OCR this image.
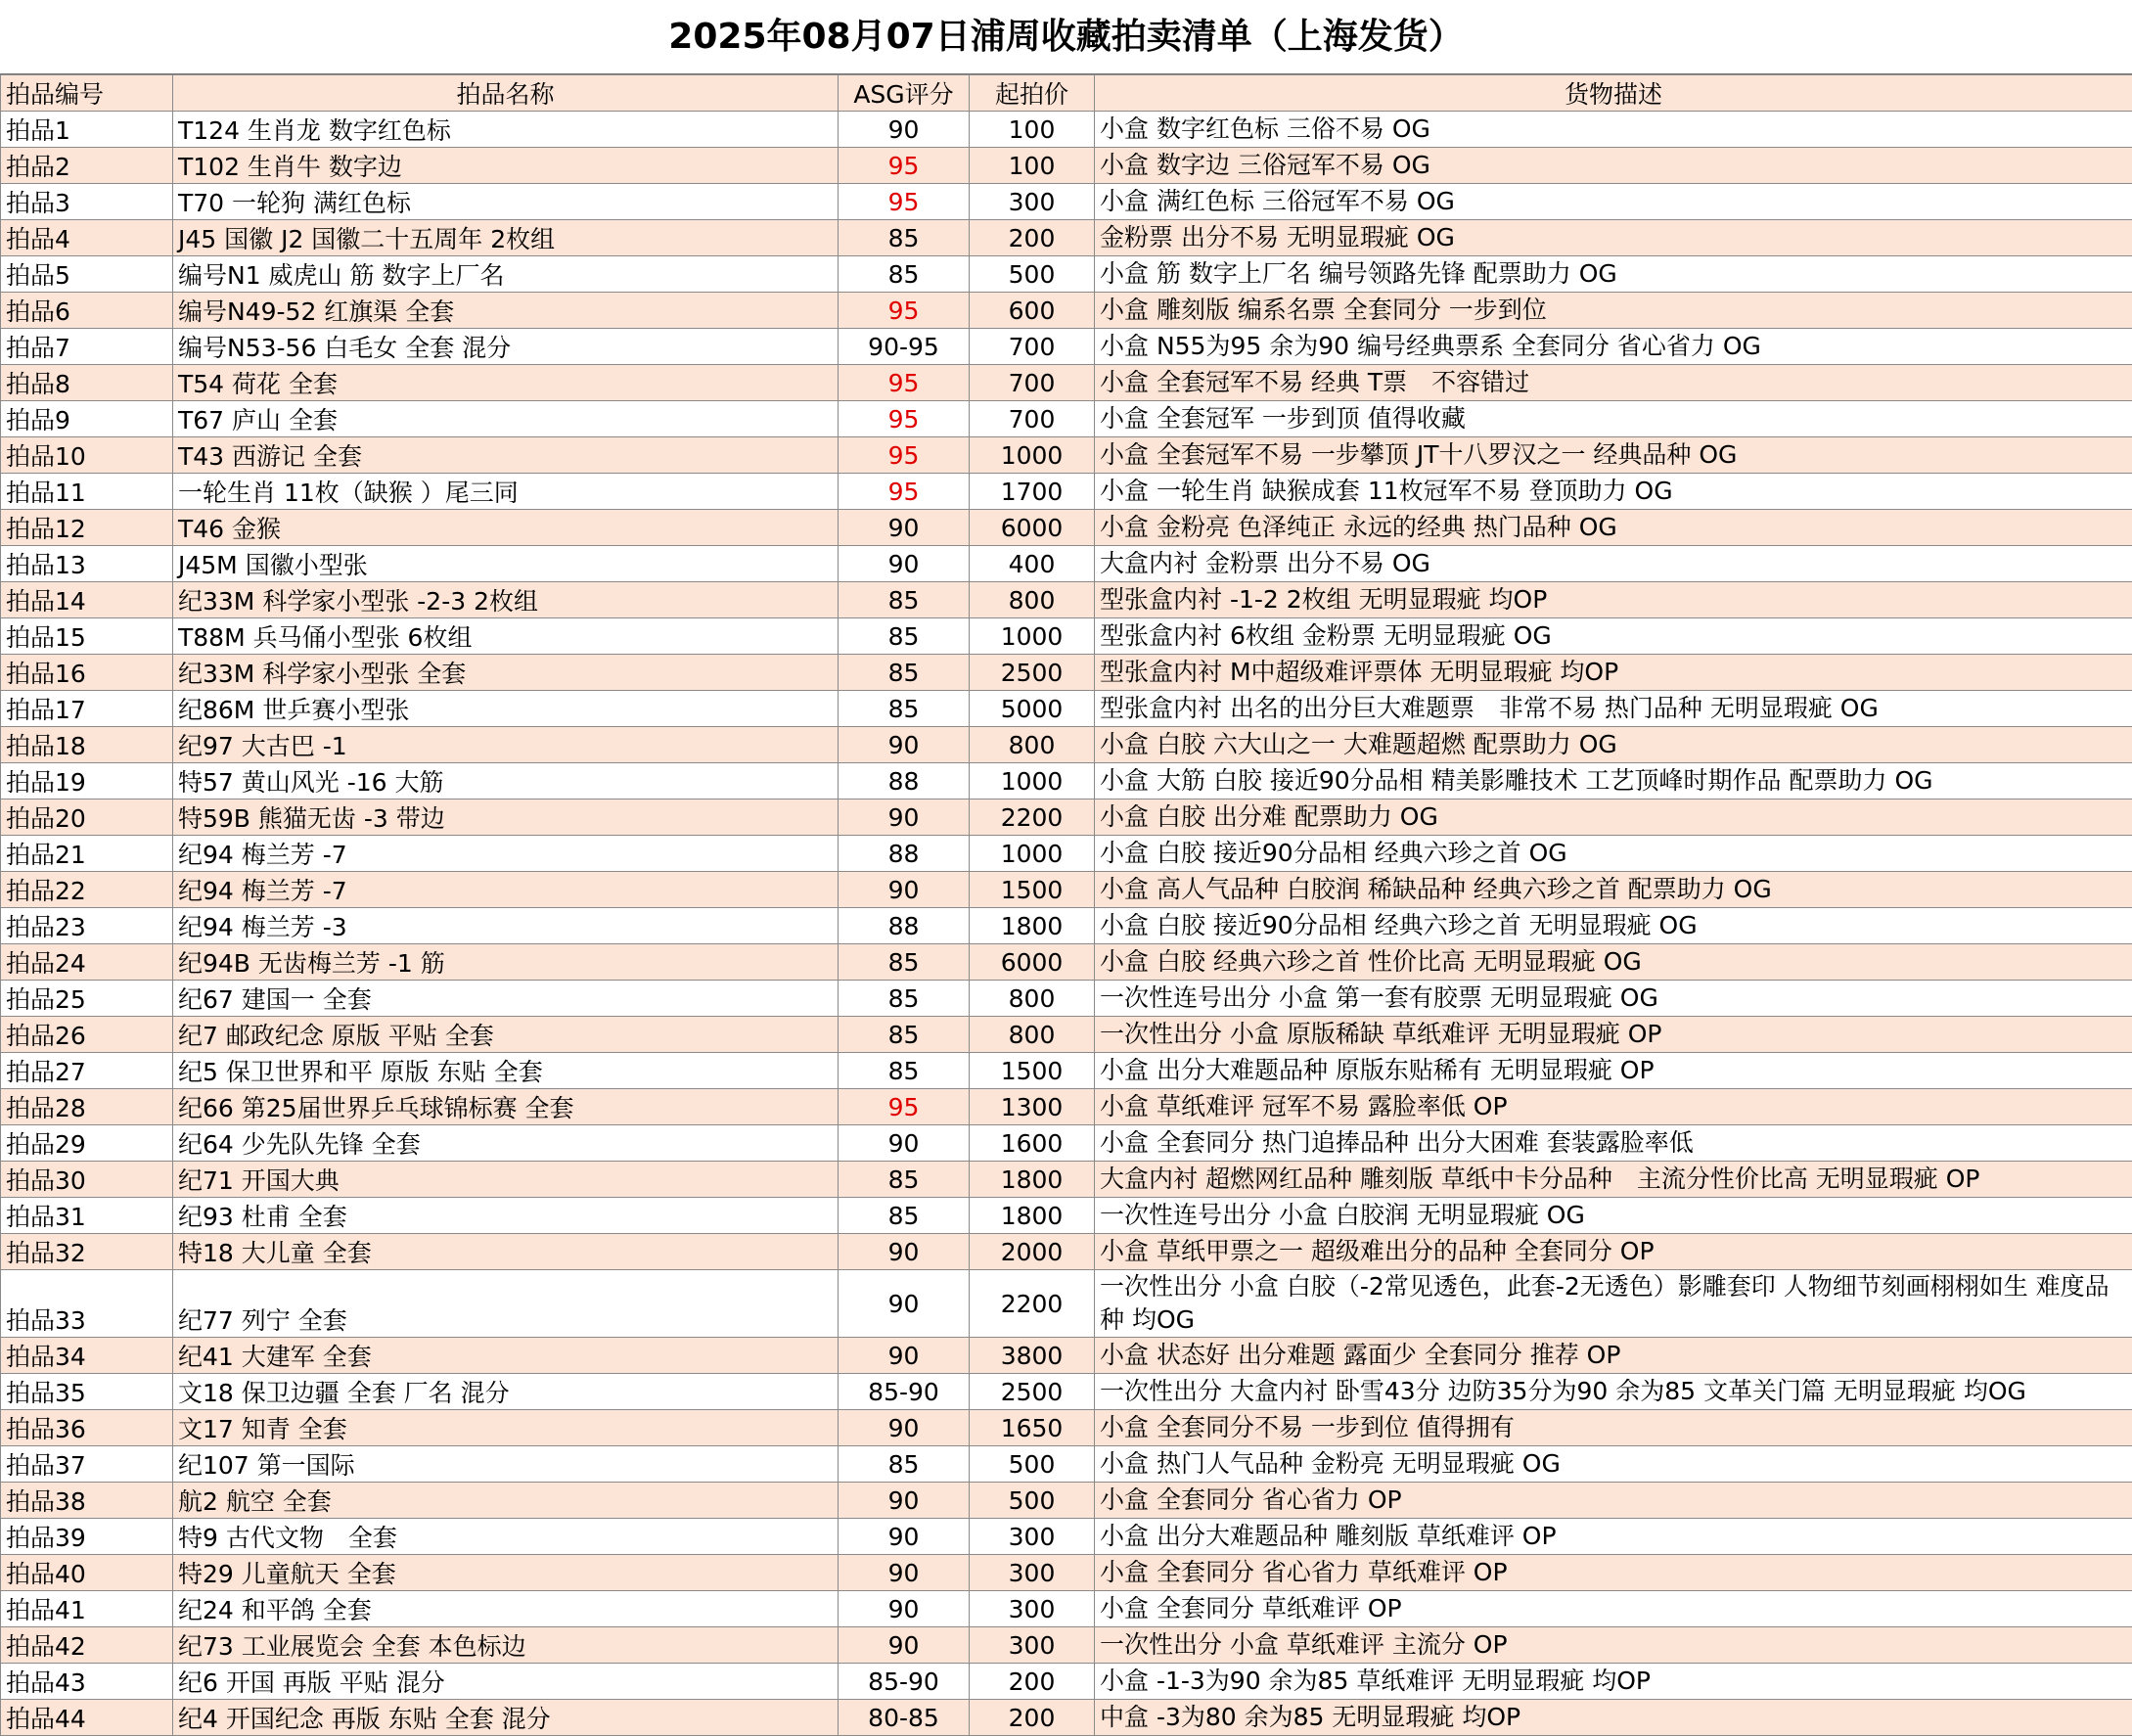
2025年08月07日浦周收藏拍卖清单（上海发货）
拍品编号	拍品名称	ASG评分	起拍价	货物描述
拍品1	T124 生肖龙 数字红色标	90	100	小盒 数字红色标 三俗不易 OG
拍品2	T102 生肖牛 数字边	95	100	小盒 数字边 三俗冠军不易 OG
拍品3	T70 一轮狗 满红色标	95	300	小盒 满红色标 三俗冠军不易 OG
拍品4	J45 国徽 J2 国徽二十五周年 2枚组	85	200	金粉票 出分不易 无明显瑕疵 OG
拍品5	编号N1 威虎山 筋 数字上厂名	85	500	小盒 筋 数字上厂名 编号领路先锋 配票助力 OG
拍品6	编号N49-52 红旗渠 全套	95	600	小盒 雕刻版 编系名票 全套同分 一步到位
拍品7	编号N53-56 白毛女 全套 混分	90-95	700	小盒 N55为95 余为90 编号经典票系 全套同分 省心省力 OG
拍品8	T54 荷花 全套	95	700	小盒 全套冠军不易 经典 T票　不容错过
拍品9	T67 庐山 全套	95	700	小盒 全套冠军 一步到顶 值得收藏
拍品10	T43 西游记 全套	95	1000	小盒 全套冠军不易 一步攀顶 JT十八罗汉之一 经典品种 OG
拍品11	一轮生肖 11枚（缺猴 ）尾三同	95	1700	小盒 一轮生肖 缺猴成套 11枚冠军不易 登顶助力 OG
拍品12	T46 金猴	90	6000	小盒 金粉亮 色泽纯正 永远的经典 热门品种 OG
拍品13	J45M 国徽小型张	90	400	大盒内衬 金粉票 出分不易 OG
拍品14	纪33M 科学家小型张 -2-3 2枚组	85	800	型张盒内衬 -1-2 2枚组 无明显瑕疵 均OP
拍品15	T88M 兵马俑小型张 6枚组	85	1000	型张盒内衬 6枚组 金粉票 无明显瑕疵 OG
拍品16	纪33M 科学家小型张 全套	85	2500	型张盒内衬 M中超级难评票体 无明显瑕疵 均OP
拍品17	纪86M 世乒赛小型张	85	5000	型张盒内衬 出名的出分巨大难题票　非常不易 热门品种 无明显瑕疵 OG
拍品18	纪97 大古巴 -1	90	800	小盒 白胶 六大山之一 大难题超燃 配票助力 OG
拍品19	特57 黄山风光 -16 大筋	88	1000	小盒 大筋 白胶 接近90分品相 精美影雕技术 工艺顶峰时期作品 配票助力 OG
拍品20	特59B 熊猫无齿 -3 带边	90	2200	小盒 白胶 出分难 配票助力 OG
拍品21	纪94 梅兰芳 -7	88	1000	小盒 白胶 接近90分品相 经典六珍之首 OG
拍品22	纪94 梅兰芳 -7	90	1500	小盒 高人气品种 白胶润 稀缺品种 经典六珍之首 配票助力 OG
拍品23	纪94 梅兰芳 -3	88	1800	小盒 白胶 接近90分品相 经典六珍之首 无明显瑕疵 OG
拍品24	纪94B 无齿梅兰芳 -1 筋	85	6000	小盒 白胶 经典六珍之首 性价比高 无明显瑕疵 OG
拍品25	纪67 建国一 全套	85	800	一次性连号出分 小盒 第一套有胶票 无明显瑕疵 OG
拍品26	纪7 邮政纪念 原版 平贴 全套	85	800	一次性出分 小盒 原版稀缺 草纸难评 无明显瑕疵 OP
拍品27	纪5 保卫世界和平 原版 东贴 全套	85	1500	小盒 出分大难题品种 原版东贴稀有 无明显瑕疵 OP
拍品28	纪66 第25届世界乒乓球锦标赛 全套	95	1300	小盒 草纸难评 冠军不易 露脸率低 OP
拍品29	纪64 少先队先锋 全套	90	1600	小盒 全套同分 热门追捧品种 出分大困难 套装露脸率低
拍品30	纪71 开国大典	85	1800	大盒内衬 超燃网红品种 雕刻版 草纸中卡分品种　主流分性价比高 无明显瑕疵 OP
拍品31	纪93 杜甫 全套	85	1800	一次性连号出分 小盒 白胶润 无明显瑕疵 OG
拍品32	特18 大儿童 全套	90	2000	小盒 草纸甲票之一 超级难出分的品种 全套同分 OP
拍品33	纪77 列宁 全套	90	2200	一次性出分 小盒 白胶（-2常见透色，此套-2无透色）影雕套印 人物细节刻画栩栩如生 难度品种 均OG
拍品34	纪41 大建军 全套	90	3800	小盒 状态好 出分难题 露面少 全套同分 推荐 OP
拍品35	文18 保卫边疆 全套 厂名 混分	85-90	2500	一次性出分 大盒内衬 卧雪43分 边防35分为90 余为85 文革关门篇 无明显瑕疵 均OG
拍品36	文17 知青 全套	90	1650	小盒 全套同分不易 一步到位 值得拥有
拍品37	纪107 第一国际	85	500	小盒 热门人气品种 金粉亮 无明显瑕疵 OG
拍品38	航2 航空 全套	90	500	小盒 全套同分 省心省力 OP
拍品39	特9 古代文物　全套	90	300	小盒 出分大难题品种 雕刻版 草纸难评 OP
拍品40	特29 儿童航天 全套	90	300	小盒 全套同分 省心省力 草纸难评 OP
拍品41	纪24 和平鸽 全套	90	300	小盒 全套同分 草纸难评 OP
拍品42	纪73 工业展览会 全套 本色标边	90	300	一次性出分 小盒 草纸难评 主流分 OP
拍品43	纪6 开国 再版 平贴 混分	85-90	200	小盒 -1-3为90 余为85 草纸难评 无明显瑕疵 均OP
拍品44	纪4 开国纪念 再版 东贴 全套 混分	80-85	200	中盒 -3为80 余为85 无明显瑕疵 均OP
